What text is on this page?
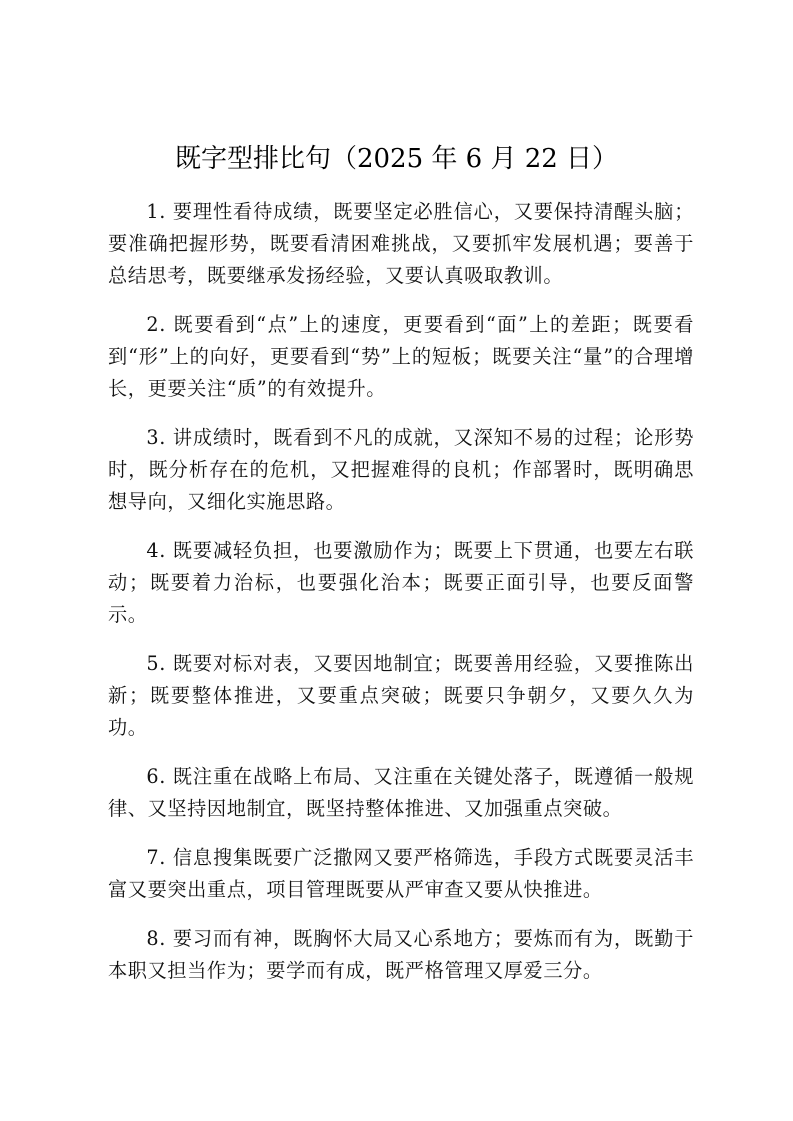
既字型排比句（2025 年 6 月 22 日）

1. 要理性看待成绩，既要坚定必胜信心，又要保持清醒头脑；要准确把握形势，既要看清困难挑战，又要抓牢发展机遇；要善于总结思考，既要继承发扬经验，又要认真吸取教训。

2. 既要看到“点”上的速度，更要看到“面”上的差距；既要看到“形”上的向好，更要看到“势”上的短板；既要关注“量”的合理增长，更要关注“质”的有效提升。

3. 讲成绩时，既看到不凡的成就，又深知不易的过程；论形势时，既分析存在的危机，又把握难得的良机；作部署时，既明确思想导向，又细化实施思路。

4. 既要减轻负担，也要激励作为；既要上下贯通，也要左右联动；既要着力治标，也要强化治本；既要正面引导，也要反面警示。

5. 既要对标对表，又要因地制宜；既要善用经验，又要推陈出新；既要整体推进，又要重点突破；既要只争朝夕，又要久久为功。

6. 既注重在战略上布局、又注重在关键处落子，既遵循一般规律、又坚持因地制宜，既坚持整体推进、又加强重点突破。

7. 信息搜集既要广泛撒网又要严格筛选，手段方式既要灵活丰富又要突出重点，项目管理既要从严审查又要从快推进。

8. 要习而有神，既胸怀大局又心系地方；要炼而有为，既勤于本职又担当作为；要学而有成，既严格管理又厚爱三分。
